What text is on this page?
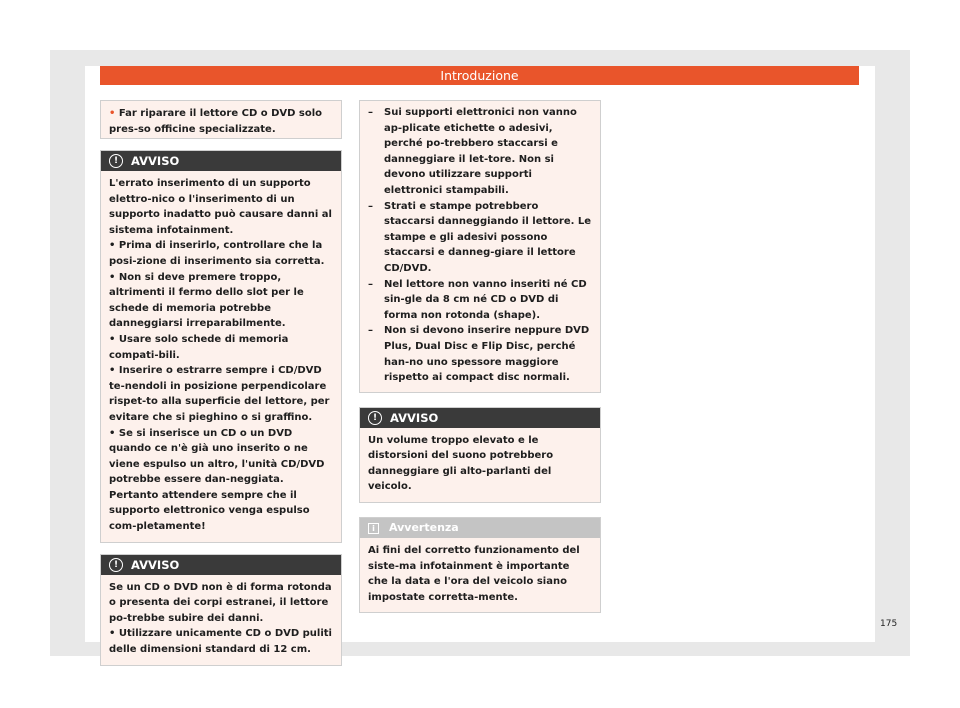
Introduzione

• Far riparare il lettore CD o DVD solo pres-so officine specializzate.

!	AVVISO

L'errato inserimento di un supporto elettro-nico o l'inserimento di un supporto inadatto può causare danni al sistema infotainment.

• Prima di inserirlo, controllare che la posi-zione di inserimento sia corretta.

• Non si deve premere troppo, altrimenti il fermo dello slot per le schede di memoria potrebbe danneggiarsi irreparabilmente.

• Usare solo schede di memoria compati-bili.

• Inserire o estrarre sempre i CD/DVD te-nendoli in posizione perpendicolare rispet-to alla superficie del lettore, per evitare che si pieghino o si graffino.

• Se si inserisce un CD o un DVD quando ce n'è già uno inserito o ne viene espulso un altro, l'unità CD/DVD potrebbe essere dan-neggiata. Pertanto attendere sempre che il supporto elettronico venga espulso com-pletamente!

!	AVVISO

Se un CD o DVD non è di forma rotonda o presenta dei corpi estranei, il lettore po-trebbe subire dei danni.

• Utilizzare unicamente CD o DVD puliti delle dimensioni standard di 12 cm.

–	Sui supporti elettronici non vanno ap-plicate etichette o adesivi, perché po-trebbero staccarsi e danneggiare il let-tore. Non si devono utilizzare supporti elettronici stampabili.
–	Strati e stampe potrebbero staccarsi danneggiando il lettore. Le stampe e gli adesivi possono staccarsi e danneg-giare il lettore CD/DVD.
–	Nel lettore non vanno inseriti né CD sin-gle da 8 cm né CD o DVD di forma non rotonda (shape).
–	Non si devono inserire neppure DVD Plus, Dual Disc e Flip Disc, perché han-no uno spessore maggiore rispetto ai compact disc normali.
!	AVVISO

Un volume troppo elevato e le distorsioni del suono potrebbero danneggiare gli alto-parlanti del veicolo.

i	Avvertenza

Ai fini del corretto funzionamento del siste-ma infotainment è importante che la data e l'ora del veicolo siano impostate corretta-mente.

175
